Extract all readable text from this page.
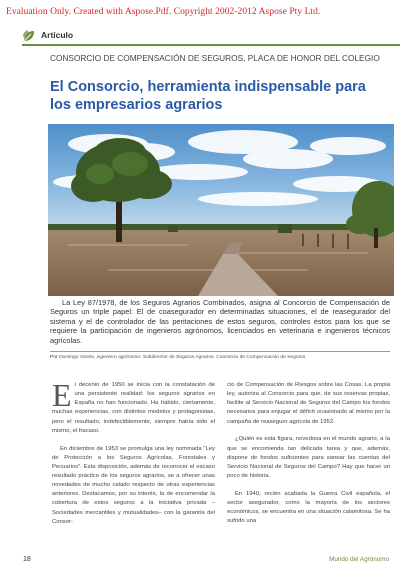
Evaluation Only. Created with Aspose.Pdf. Copyright 2002-2012 Aspose Pty Ltd.
Artículo
CONSORCIO DE COMPENSACIÓN DE SEGUROS, PLACA DE HONOR DEL COLEGIO
El Consorcio, herramienta indispensable para
los empresarios agrarios

La Ley 87/1978, de los Seguros Agrarios Combinados, asigna al Concorcio de Compensación de Seguros un triple papel: El de coasegurador en determinadas situaciones, el de reasegurador del sistema y el de controlador de las peritaciones de estos seguros, controles éstos para los que se requiere la participación de ingenieros agrónomos, licenciados en veterinaria e ingenieros técnicos agrícolas.

Por Domingo Varela, ingeniero agrónomo. Subdirector de Seguros Agrarios. Consorcio de Compensación de Seguros

El decenio de 1950 se inicia con la constatación de una persistente realidad: los seguros agrarios en España no han funcionado. Ha habido, ciertamente, muchas experiencias, con distintos modelos y protagonistas, pero el resultado, indefectiblemente, siempre había sido el mismo, el fracaso.

En diciembre de 1953 se promulga una ley nominada “Ley de Protección a los Seguros Agrícolas, Forestales y Pecuarios”. Esta disposición, además de reconocer el escaso resultado práctico de los seguros agrarios, se a ofrecer unas novedades de mucho calado respecto de otras experiencias anteriores. Destacamos, por su interés, la de encomendar la cobertura de estos seguros a la iniciativa privada –Sociedades mercantiles y mutualidades– con la garantía del Consor-

cio de Compensación de Riesgos sobre las Cosas. La propia ley, autoriza al Consorcio para que, de sus reservas propias, facilite al Servicio Nacional de Seguros del Campo los fondos necesarios para enjugar el déficit ocasionado al mismo por la campaña de reaseguro agrícola de 1952.

¿Quién es esta figura, novedosa en el mundo agrario, a la que se encomienda tan delicada tarea y que, además, dispone de fondos suficientes para sanear las cuentas del Servicio Nacional de Seguros del Campo? Hay que hacer un poco de historia.

En 1940, recién acabada la Guerra Civil española, el sector asegurador, como la mayoría de los sectores económicos, se encuentra en una situación calamitosa. Se ha sufrido una

18	Mundo del Agrónomo
